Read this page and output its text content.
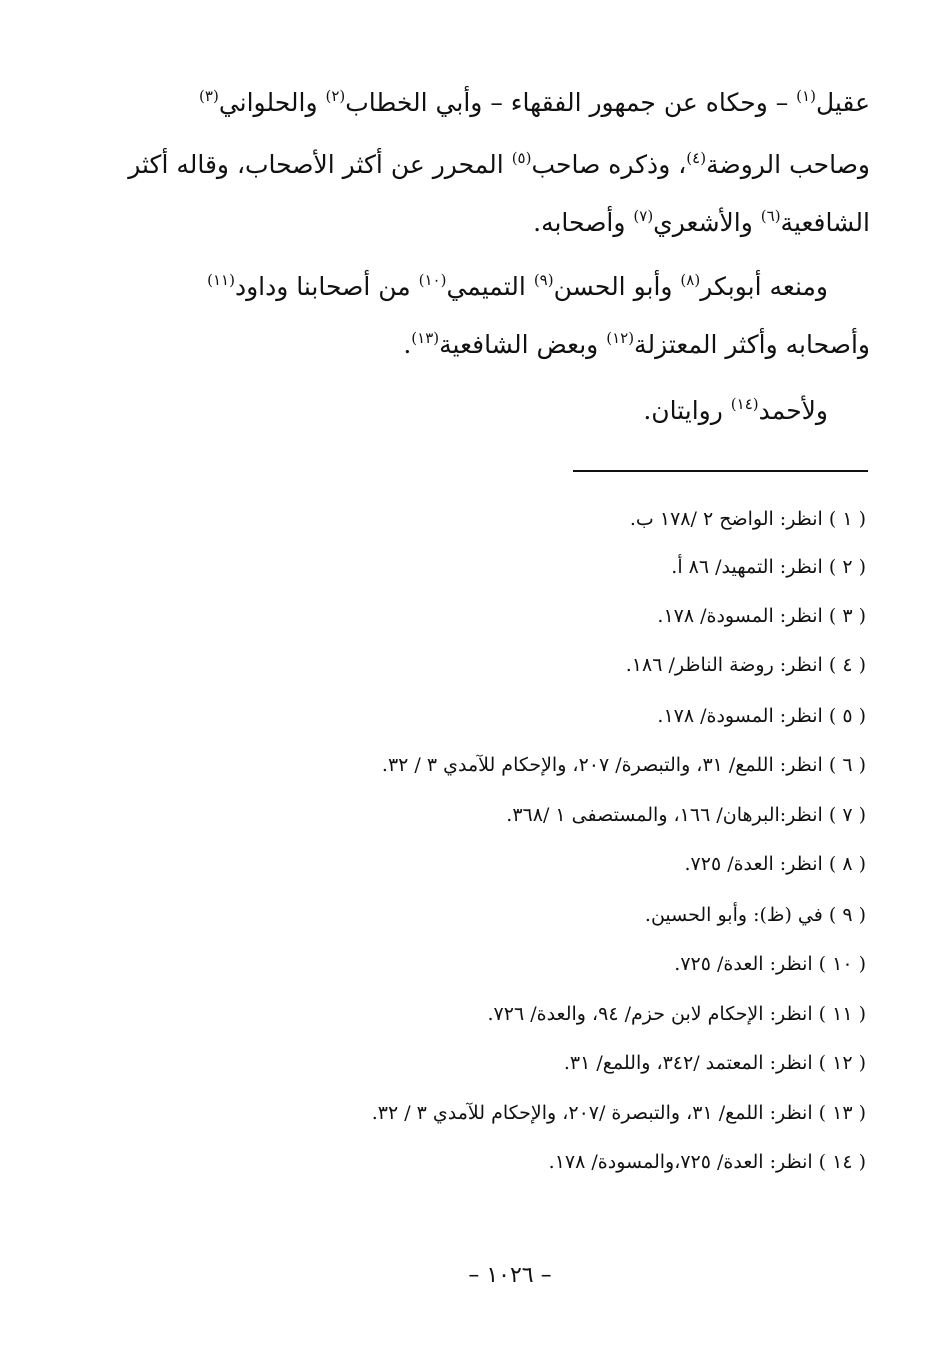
عقيل$^{(١)}$ – وحكاه عن جمهور الفقهاء – وأبي الخطاب$^{(٢)}$ والحلواني$^{(٣)}$
وصاحب الروضة$^{(٤)}$، وذكره صاحب$^{(٥)}$ المحرر عن أكثر الأصحاب، وقاله أكثر
الشافعية$^{(٦)}$ والأشعري$^{(٧)}$ وأصحابه.
ومنعه أبوبكر$^{(٨)}$ وأبو الحسن$^{(٩)}$ التميمي$^{(١٠)}$ من أصحابنا وداود$^{(١١)}$
وأصحابه وأكثر المعتزلة$^{(١٢)}$ وبعض الشافعية$^{(١٣)}$.
ولأحمد$^{(١٤)}$ روايتان.
( ١ ) انظر: الواضح ٢ /١٧٨ ب.
( ٢ ) انظر: التمهيد/ ٨٦ أ.
( ٣ ) انظر: المسودة/ ١٧٨.
( ٤ ) انظر: روضة الناظر/ ١٨٦.
( ٥ ) انظر: المسودة/ ١٧٨.
( ٦ ) انظر: اللمع/ ٣١، والتبصرة/ ٢٠٧، والإحكام للآمدي ٣ / ٣٢.
( ٧ ) انظر:البرهان/ ١٦٦، والمستصفى ١ /٣٦٨.
( ٨ ) انظر: العدة/ ٧٢٥.
( ٩ ) في (ظ): وأبو الحسين.
( ١٠ ) انظر: العدة/ ٧٢٥.
( ١١ ) انظر: الإحكام لابن حزم/ ٩٤، والعدة/ ٧٢٦.
( ١٢ ) انظر: المعتمد /٣٤٢، واللمع/ ٣١.
( ١٣ ) انظر: اللمع/ ٣١، والتبصرة /٢٠٧، والإحكام للآمدي ٣ / ٣٢.
( ١٤ ) انظر: العدة/ ٧٢٥،والمسودة/ ١٧٨.
– ١٠٢٦ –
